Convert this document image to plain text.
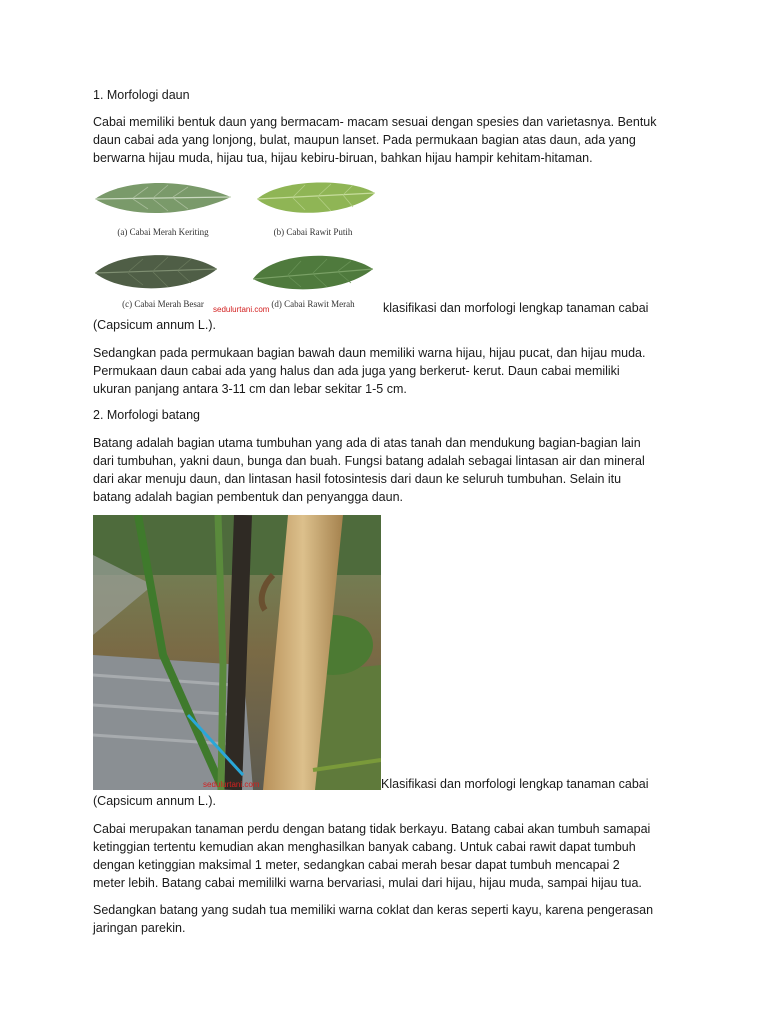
1. Morfologi daun

Cabai memiliki bentuk daun yang bermacam- macam sesuai dengan spesies dan varietasnya. Bentuk

daun cabai ada yang lonjong, bulat, maupun lanset. Pada permukaan bagian atas daun, ada yang

berwarna hijau muda, hijau tua, hijau kebiru-biruan, bahkan hijau hampir kehitam-hitaman.

(a) Cabai Merah Keriting	(b) Cabai Rawit Putih
(c) Cabai Merah Besar	(d) Cabai Rawit Merah
sedulurtani.com	klasifikasi dan morfologi lengkap tanaman cabai

(Capsicum annum L.).

Sedangkan pada permukaan bagian bawah daun memiliki warna hijau, hijau pucat, dan hijau muda.

Permukaan daun cabai ada yang halus dan ada juga yang berkerut- kerut. Daun cabai memiliki

ukuran panjang antara 3-11 cm dan lebar sekitar 1-5 cm.

2. Morfologi batang

Batang adalah bagian utama tumbuhan yang ada di atas tanah dan mendukung bagian-bagian lain

dari tumbuhan, yakni daun, bunga dan buah. Fungsi batang adalah sebagai lintasan air dan mineral

dari akar menuju daun, dan lintasan hasil fotosintesis dari daun ke seluruh tumbuhan. Selain itu

batang adalah bagian pembentuk dan penyangga daun.

sedulurtani.com	Klasifikasi dan morfologi lengkap tanaman cabai

(Capsicum annum L.).

Cabai merupakan tanaman perdu dengan batang tidak berkayu. Batang cabai akan tumbuh samapai

ketinggian tertentu kemudian akan menghasilkan banyak cabang. Untuk cabai rawit dapat tumbuh

dengan ketinggian maksimal 1 meter, sedangkan cabai merah besar dapat tumbuh mencapai 2

meter lebih. Batang cabai memililki warna bervariasi, mulai dari hijau, hijau muda, sampai hijau tua.

Sedangkan batang yang sudah tua memiliki warna coklat dan keras seperti kayu, karena pengerasan

jaringan parekin.
